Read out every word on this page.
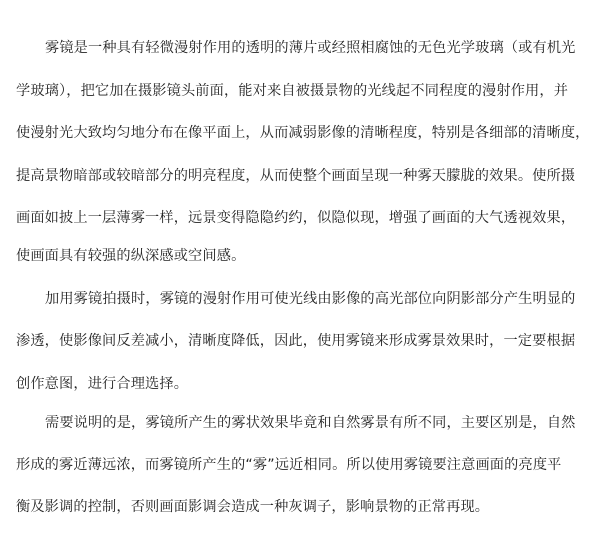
雾镜是一种具有轻微漫射作用的透明的薄片或经照相腐蚀的无色光学玻璃（或有机光
学玻璃），把它加在摄影镜头前面，能对来自被摄景物的光线起不同程度的漫射作用，并
使漫射光大致均匀地分布在像平面上，从而减弱影像的清晰程度，特别是各细部的清晰度，
提高景物暗部或较暗部分的明亮程度，从而使整个画面呈现一种雾天朦胧的效果。使所摄
画面如披上一层薄雾一样，远景变得隐隐约约，似隐似现，增强了画面的大气透视效果，
使画面具有较强的纵深感或空间感。
加用雾镜拍摄时，雾镜的漫射作用可使光线由影像的高光部位向阴影部分产生明显的
渗透，使影像间反差减小，清晰度降低，因此，使用雾镜来形成雾景效果时，一定要根据
创作意图，进行合理选择。
需要说明的是，雾镜所产生的雾状效果毕竟和自然雾景有所不同，主要区别是，自然
形成的雾近薄远浓，而雾镜所产生的“雾”远近相同。所以使用雾镜要注意画面的亮度平
衡及影调的控制，否则画面影调会造成一种灰调子，影响景物的正常再现。
